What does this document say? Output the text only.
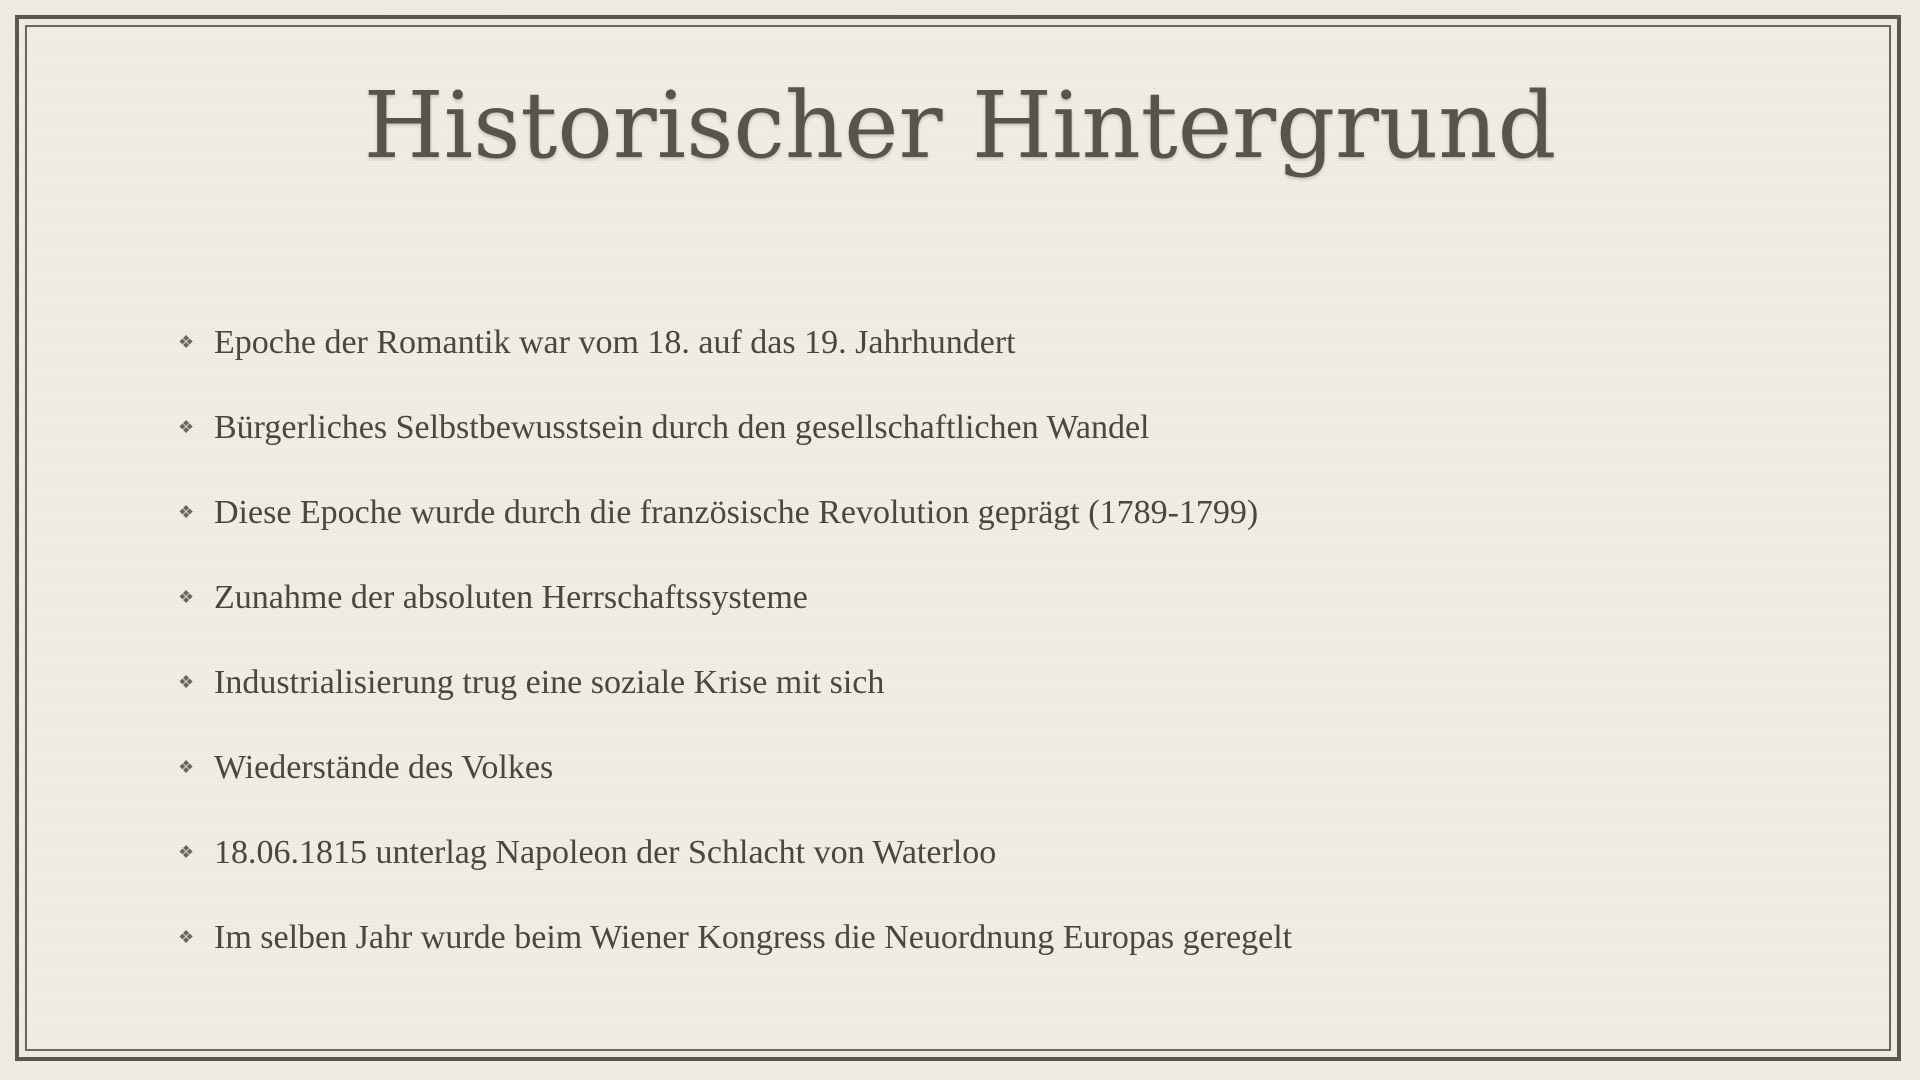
Historischer Hintergrund
❖ Epoche der Romantik war vom 18. auf das 19. Jahrhundert
❖ Bürgerliches Selbstbewusstsein durch den gesellschaftlichen Wandel
❖ Diese Epoche wurde durch die französische Revolution geprägt (1789-1799)
❖ Zunahme der absoluten Herrschaftssysteme
❖ Industrialisierung trug eine soziale Krise mit sich
❖ Wiederstände des Volkes
❖ 18.06.1815 unterlag Napoleon der Schlacht von Waterloo
❖ Im selben Jahr wurde beim Wiener Kongress die Neuordnung Europas geregelt
